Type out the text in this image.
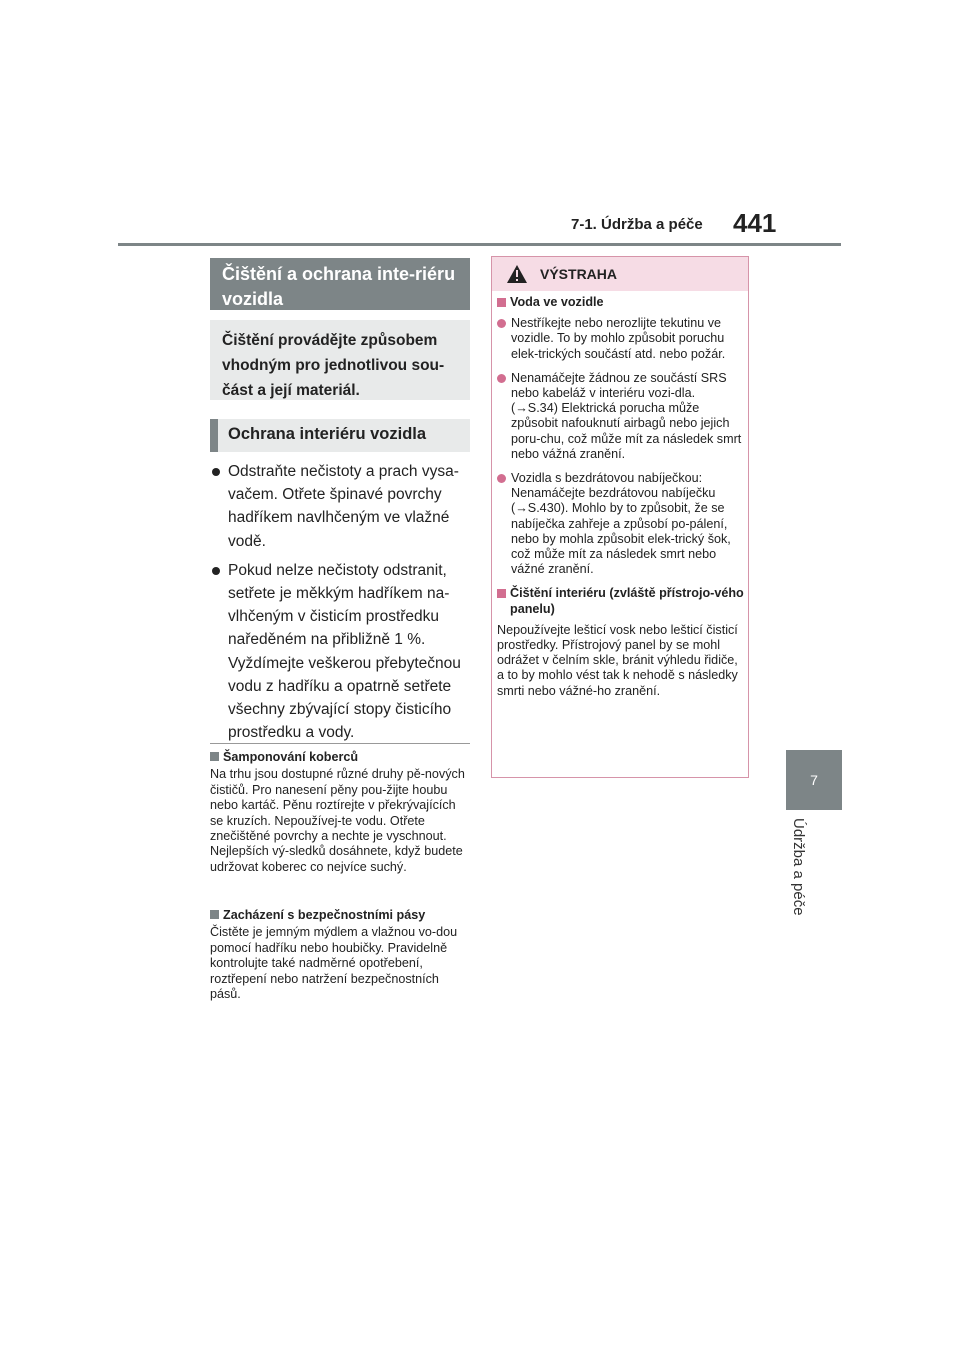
7-1. Údržba a péče 441
7
Údržba a péče
Čištění a ochrana inte-riéru vozidla
Čištění provádějte způsobem vhodným pro jednotlivou sou-část a její materiál.
Ochrana interiéru vozidla
Odstraňte nečistoty a prach vysa-vačem. Otřete špinavé povrchy hadříkem navlhčeným ve vlažné vodě.
Pokud nelze nečistoty odstranit, setřete je měkkým hadříkem na-vlhčeným v čisticím prostředku naředěném na přibližně 1 %. Vyždímejte veškerou přebytečnou vodu z hadříku a opatrně setřete všechny zbývající stopy čisticího prostředku a vody.
Šamponování koberců
Na trhu jsou dostupné různé druhy pě-nových čističů. Pro nanesení pěny pou-žijte houbu nebo kartáč. Pěnu roztírejte v překrývajících se kruzích. Nepoužívej-te vodu. Otřete znečištěné povrchy a nechte je vyschnout. Nejlepších vý-sledků dosáhnete, když budete udržovat koberec co nejvíce suchý.
Zacházení s bezpečnostními pásy
Čistěte je jemným mýdlem a vlažnou vo-dou pomocí hadříku nebo houbičky. Pravidelně kontrolujte také nadměrné opotřebení, roztřepení nebo natržení bezpečnostních pásů.
VÝSTRAHA
Voda ve vozidle
Nestříkejte nebo nerozlijte tekutinu ve vozidle. To by mohlo způsobit poruchu elek-trických součástí atd. nebo požár.
Nenamáčejte žádnou ze součástí SRS nebo kabeláž v interiéru vozi-dla. (→S.34) Elektrická porucha může způsobit nafouknutí airbagů nebo jejich poru-chu, což může mít za následek smrt nebo vážná zranění.
Vozidla s bezdrátovou nabíječkou: Nenamáčejte bezdrátovou nabíječku (→S.430). Mohlo by to způsobit, že se nabíječka zahřeje a způsobí po-pálení, nebo by mohla způsobit elek-trický šok, což může mít za následek smrt nebo vážné zranění.
Čištění interiéru (zvláště přístrojo-vého panelu)

Nepoužívejte lešticí vosk nebo lešticí čisticí prostředky. Přístrojový panel by se mohl odrážet v čelním skle, bránit výhledu řidiče, a to by mohlo vést tak k nehodě s následky smrti nebo vážné-ho zranění.
